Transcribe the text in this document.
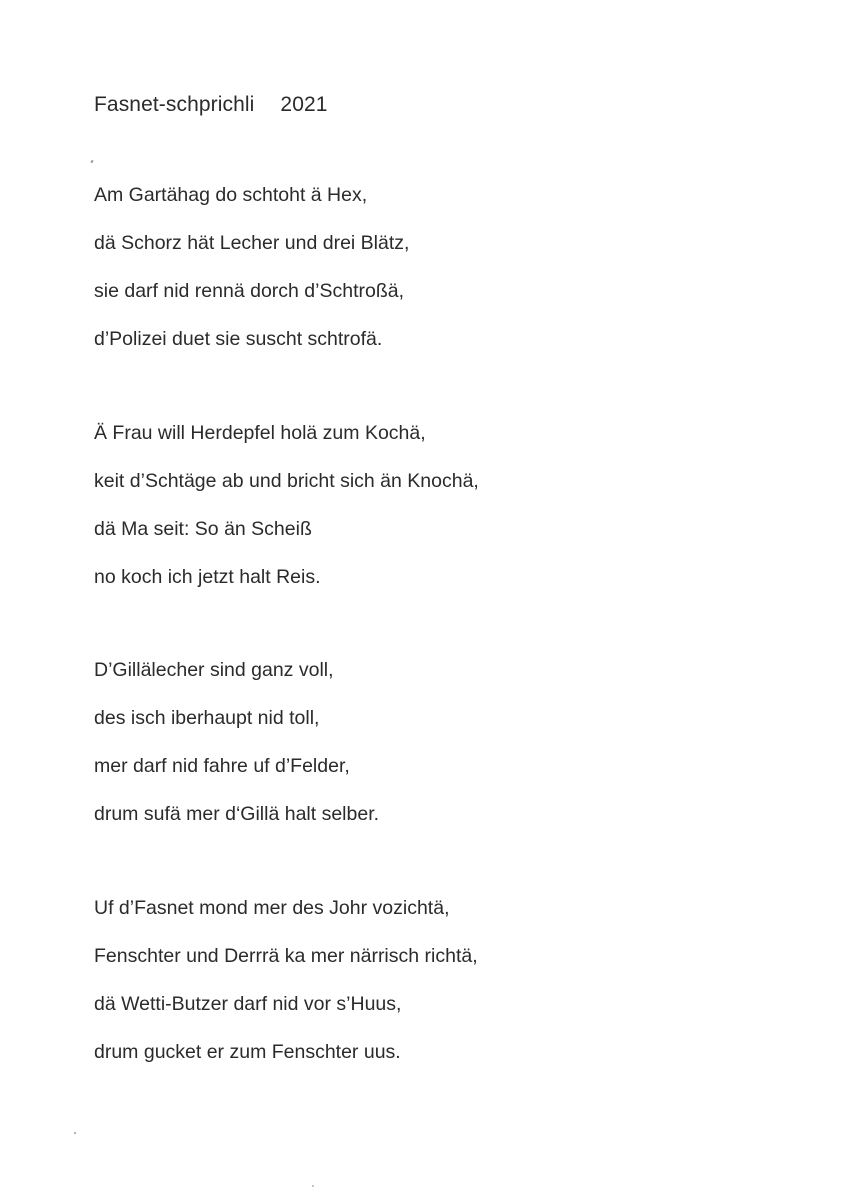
Fasnet-schprichli 2021
Am Gartähag do schtoht ä Hex,
dä Schorz hät Lecher und drei Blätz,
sie darf nid rennä dorch d’Schtroßä,
d’Polizei duet sie suscht schtrofä.
Ä Frau will Herdepfel holä zum Kochä,
keit d’Schtäge ab und bricht sich än Knochä,
dä Ma seit: So än Scheiß
no koch ich jetzt halt Reis.
D’Gillälecher sind ganz voll,
des isch iberhaupt nid toll,
mer darf nid fahre uf d’Felder,
drum sufä mer d‘Gillä halt selber.
Uf d’Fasnet mond mer des Johr vozichtä,
Fenschter und Derrrä ka mer närrisch richtä,
dä Wetti-Butzer darf nid vor s’Huus,
drum gucket er zum Fenschter uus.
